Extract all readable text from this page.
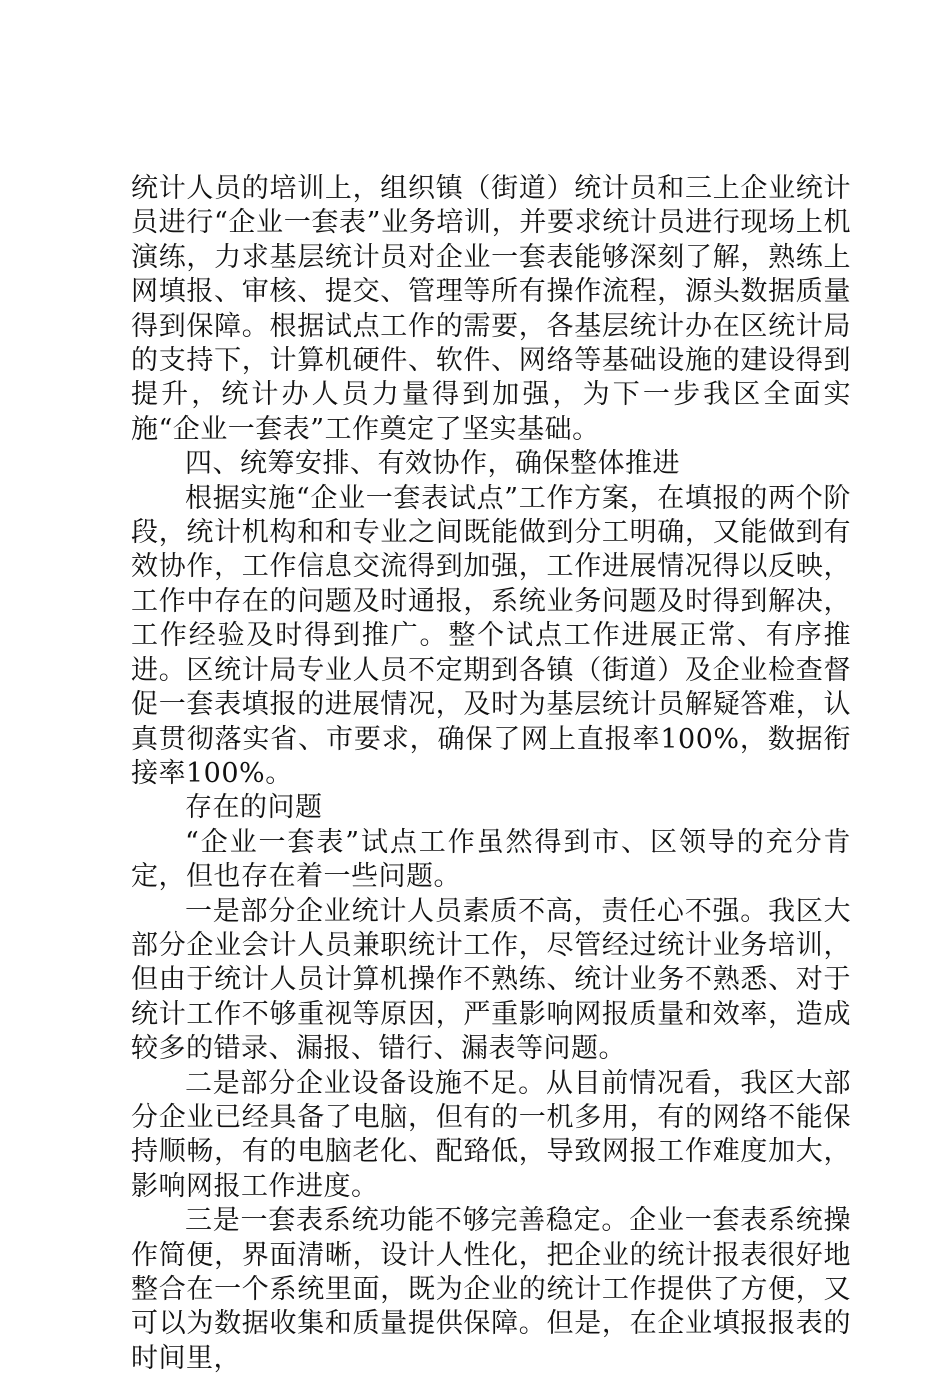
统计人员的培训上，组织镇（街道）统计员和三上企业统计员进行“企业一套表”业务培训，并要求统计员进行现场上机演练，力求基层统计员对企业一套表能够深刻了解，熟练上网填报、审核、提交、管理等所有操作流程，源头数据质量得到保障。根据试点工作的需要，各基层统计办在区统计局的支持下，计算机硬件、软件、网络等基础设施的建设得到提升，统计办人员力量得到加强，为下一步我区全面实施“企业一套表”工作奠定了坚实基础。

四、统筹安排、有效协作，确保整体推进

根据实施“企业一套表试点”工作方案，在填报的两个阶段，统计机构和和专业之间既能做到分工明确，又能做到有效协作，工作信息交流得到加强，工作进展情况得以反映，工作中存在的问题及时通报，系统业务问题及时得到解决，工作经验及时得到推广。整个试点工作进展正常、有序推进。区统计局专业人员不定期到各镇（街道）及企业检查督促一套表填报的进展情况，及时为基层统计员解疑答难，认真贯彻落实省、市要求，确保了网上直报率100%，数据衔接率100%。

存在的问题

“企业一套表”试点工作虽然得到市、区领导的充分肯定，但也存在着一些问题。

一是部分企业统计人员素质不高，责任心不强。我区大部分企业会计人员兼职统计工作，尽管经过统计业务培训，但由于统计人员计算机操作不熟练、统计业务不熟悉、对于统计工作不够重视等原因，严重影响网报质量和效率，造成较多的错录、漏报、错行、漏表等问题。

二是部分企业设备设施不足。从目前情况看，我区大部分企业已经具备了电脑，但有的一机多用，有的网络不能保持顺畅，有的电脑老化、配臵低，导致网报工作难度加大，影响网报工作进度。

三是一套表系统功能不够完善稳定。企业一套表系统操作简便，界面清晰，设计人性化，把企业的统计报表很好地整合在一个系统里面，既为企业的统计工作提供了方便，又可以为数据收集和质量提供保障。但是，在企业填报报表的时间里，
